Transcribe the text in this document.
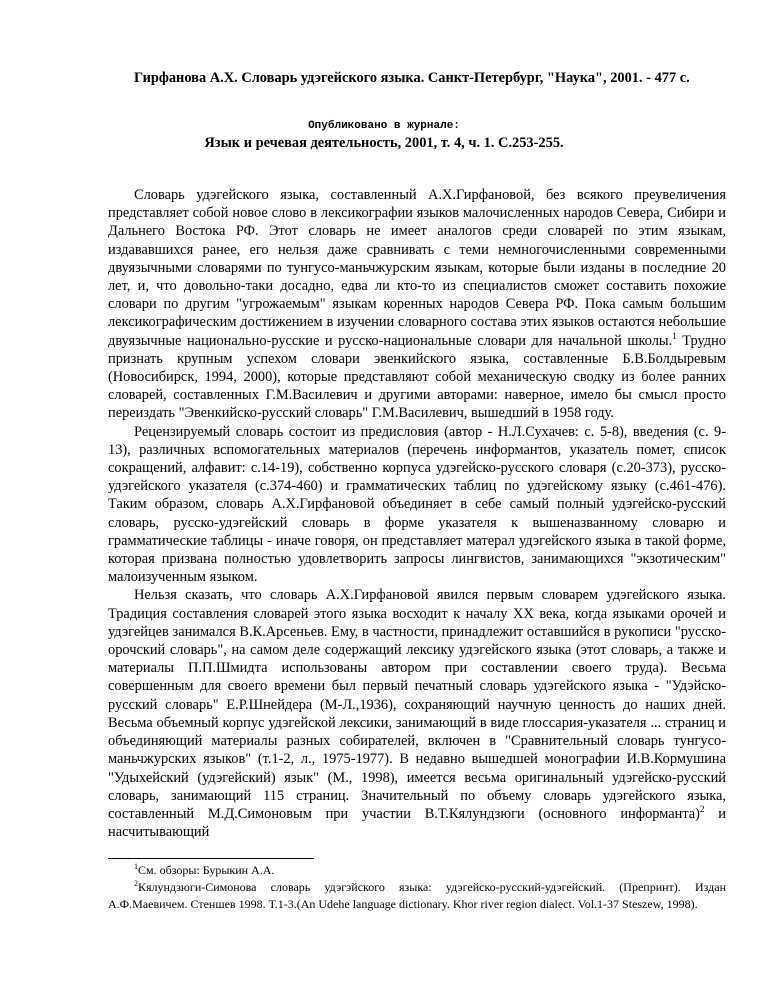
Гирфанова А.Х. Словарь удэгейского языка. Санкт-Петербург, "Наука", 2001. - 477 с.
Опубликовано в журнале:
Язык и речевая деятельность, 2001, т. 4, ч. 1. С.253-255.

Словарь удэгейского языка, составленный А.Х.Гирфановой, без всякого преувеличения представляет собой новое слово в лексикографии языков малочисленных народов Севера, Сибири и Дальнего Востока РФ. Этот словарь не имеет аналогов среди словарей по этим языкам, издававшихся ранее, его нельзя даже сравнивать с теми немногочисленными современными двуязычными словарями по тунгусо-маньчжурским языкам, которые были изданы в последние 20 лет, и, что довольно-таки досадно, едва ли кто-то из специалистов сможет составить похожие словари по другим "угрожаемым" языкам коренных народов Севера РФ. Пока самым большим лексикографическим достижением в изучении словарного состава этих языков остаются небольшие двуязычные национально-русские и русско-национальные словари для начальной школы.$^1$ Трудно признать крупным успехом словари эвенкийского языка, составленные Б.В.Болдыревым (Новосибирск, 1994, 2000), которые представляют собой механическую сводку из более ранних словарей, составленных Г.М.Василевич и другими авторами: наверное, имело бы смысл просто переиздать "Эвенкийско-русский словарь" Г.М.Василевич, вышедший в 1958 году.

Рецензируемый словарь состоит из предисловия (автор - Н.Л.Сухачев: с. 5-8), введения (с. 9-13), различных вспомогательных материалов (перечень информантов, указатель помет, список сокращений, алфавит: с.14-19), собственно корпуса удэгейско-русского словаря (с.20-373), русско-удэгейского указателя (с.374-460) и грамматических таблиц по удэгейскому языку (с.461-476). Таким образом, словарь А.Х.Гирфановой объединяет в себе самый полный удэгейско-русский словарь, русско-удэгейский словарь в форме указателя к вышеназванному словарю и грамматические таблицы - иначе говоря, он представляет матерал удэгейского языка в такой форме, которая призвана полностью удовлетворить запросы лингвистов, занимающихся "экзотическим" малоизученным языком.

Нельзя сказать, что словарь А.Х.Гирфановой явился первым словарем удэгейского языка. Традиция составления словарей этого языка восходит к началу XX века, когда языками орочей и удэгейцев занимался В.К.Арсеньев. Ему, в частности, принадлежит оставшийся в рукописи "русско-орочский словарь", на самом деле содержащий лексику удэгейского языка (этот словарь, а также и материалы П.П.Шмидта использованы автором при составлении своего труда). Весьма совершенным для своего времени был первый печатный словарь удэгейского языка - "Удэйско-русский словарь" Е.Р.Шнейдера (М-Л.,1936), сохраняющий научную ценность до наших дней. Весьма объемный корпус удэгейской лексики, занимающий в виде глоссария-указателя ... страниц и объединяющий материалы разных собирателей, включен в "Сравнительный словарь тунгусо-маньчжурских языков" (т.1-2, л., 1975-1977). В недавно вышедшей монографии И.В.Кормушина "Удыхейский (удэгейский) язык" (М., 1998), имеется весьма оригинальный удэгейско-русский словарь, занимающий 115 страниц. Значительный по объему словарь удэгейского языка, составленный М.Д.Симоновым при участии В.Т.Кялундзюги (основного информанта)$^2$ и насчитывающий

$^1$См. обзоры: Бурыкин А.А.

$^2$Кялундзюги-Симонова словарь удэгэйского языка: удэгейско-русский-удэгейский. (Препринт). Издан А.Ф.Маевичем. Стеншев 1998. Т.1-3.(An Udehe language dictionary. Khor river region dialect. Vol.1-37 Steszew, 1998).
